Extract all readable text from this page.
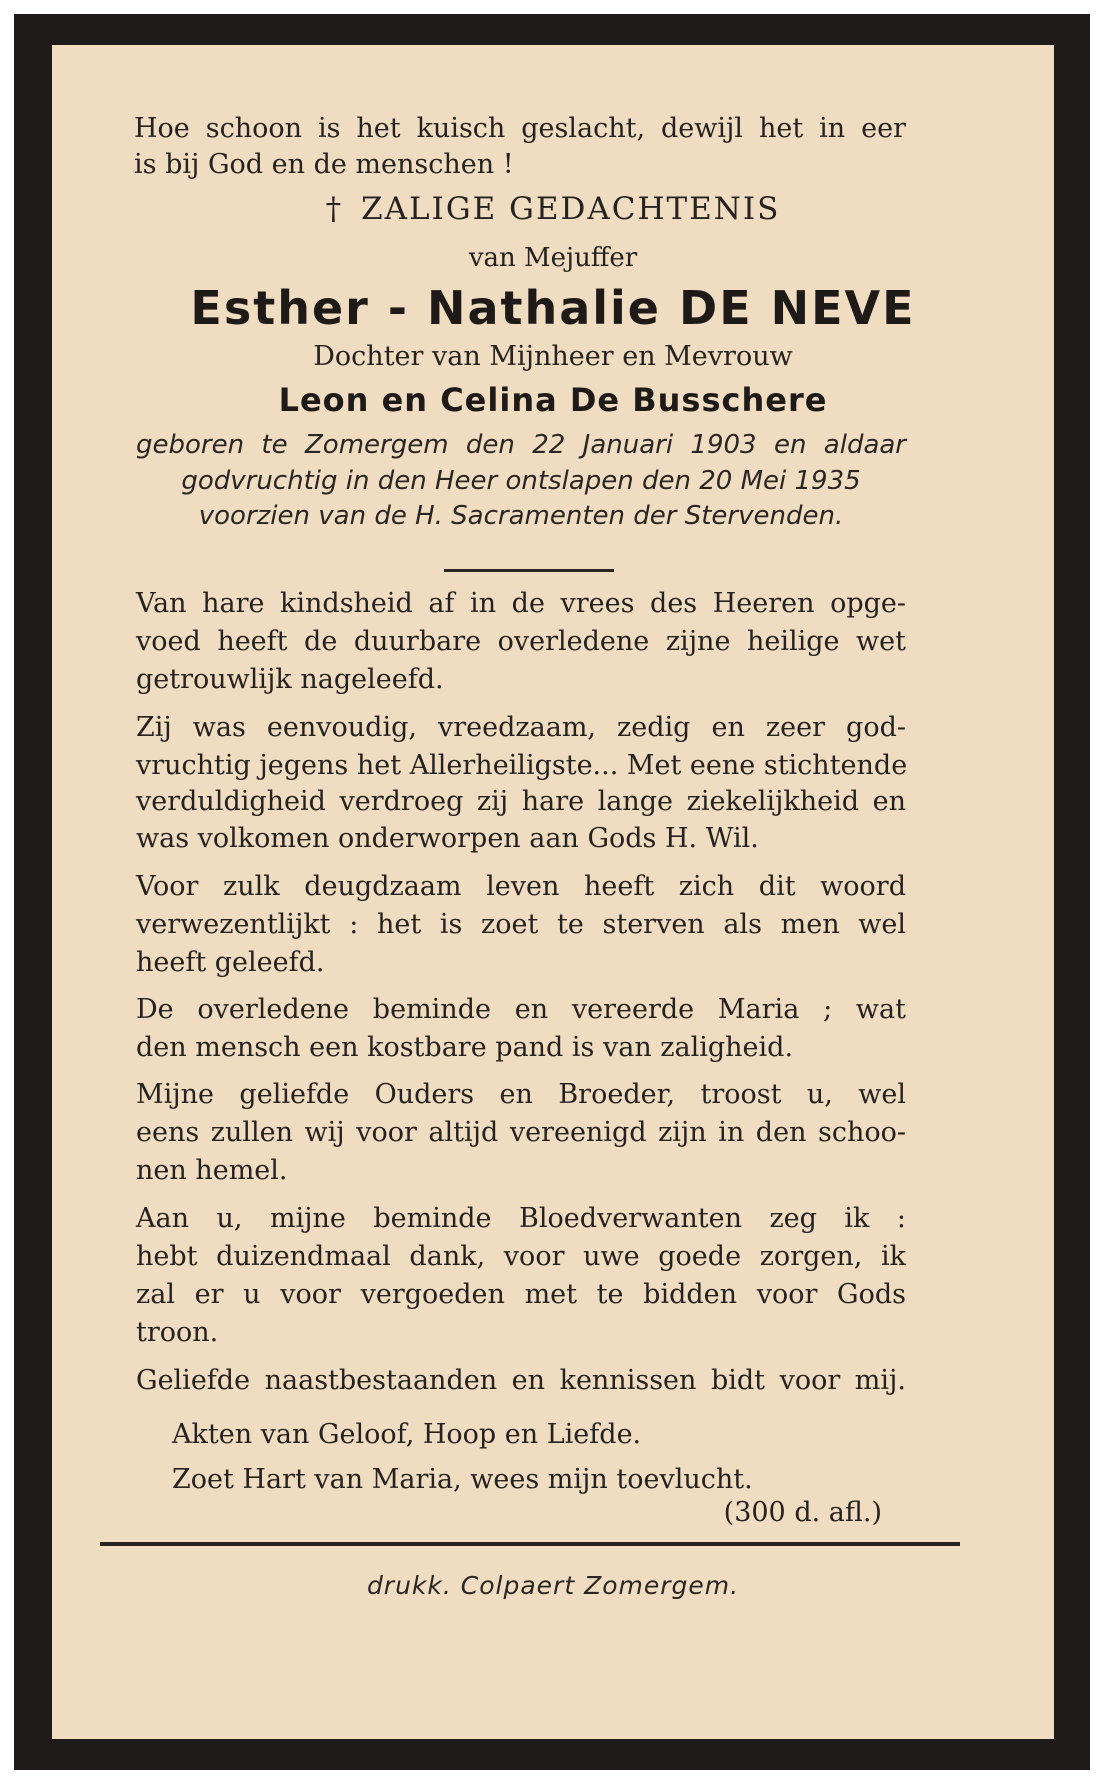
Hoe schoon is het kuisch geslacht, dewijl het in eer
is bij God en de menschen !
† ZALIGE GEDACHTENIS
van Mejuffer
Esther - Nathalie DE NEVE
Dochter van Mijnheer en Mevrouw
Leon en Celina De Busschere
geboren te Zomergem den 22 Januari 1903 en aldaar
godvruchtig in den Heer ontslapen den 20 Mei 1935
voorzien van de H. Sacramenten der Stervenden.
Van hare kindsheid af in de vrees des Heeren opge-
voed heeft de duurbare overledene zijne heilige wet
getrouwlijk nageleefd.
Zij was eenvoudig, vreedzaam, zedig en zeer god-
vruchtig jegens het Allerheiligste... Met eene stichtende
verduldigheid verdroeg zij hare lange ziekelijkheid en
was volkomen onderworpen aan Gods H. Wil.
Voor zulk deugdzaam leven heeft zich dit woord
verwezentlijkt : het is zoet te sterven als men wel
heeft geleefd.
De overledene beminde en vereerde Maria ; wat
den mensch een kostbare pand is van zaligheid.
Mijne geliefde Ouders en Broeder, troost u, wel
eens zullen wij voor altijd vereenigd zijn in den schoo-
nen hemel.
Aan u, mijne beminde Bloedverwanten zeg ik :
hebt duizendmaal dank, voor uwe goede zorgen, ik
zal er u voor vergoeden met te bidden voor Gods
troon.
Geliefde naastbestaanden en kennissen bidt voor mij.
Akten van Geloof, Hoop en Liefde.
Zoet Hart van Maria, wees mijn toevlucht.
(300 d. afl.)
drukk. Colpaert Zomergem.
